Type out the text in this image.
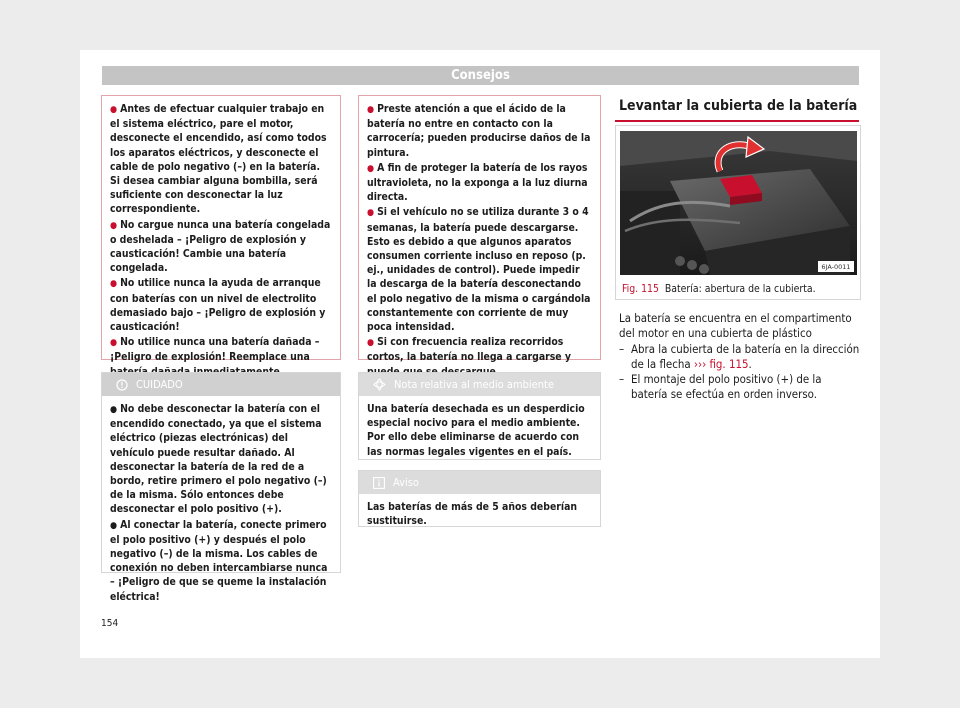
Consejos

● Antes de efectuar cualquier trabajo en el sistema eléctrico, pare el motor, desconecte el encendido, así como todos los aparatos eléctricos, y desconecte el cable de polo negativo (–) en la batería. Si desea cambiar alguna bombilla, será suficiente con desconectar la luz correspondiente.

● No cargue nunca una batería congelada o deshelada – ¡Peligro de explosión y causticación! Cambie una batería congelada.

● No utilice nunca la ayuda de arranque con baterías con un nivel de electrolito demasiado bajo – ¡Peligro de explosión y causticación!

● No utilice nunca una batería dañada – ¡Peligro de explosión! Reemplace una

CUIDADO

● No debe desconectar la batería con el encendido conectado, ya que el sistema eléctrico (piezas electrónicas) del vehículo puede resultar dañado. Al desconectar la batería de la red de a bordo, retire primero el polo negativo (–) de la misma. Sólo entonces debe desconectar el polo positivo (+).

● Al conectar la batería, conecte primero el polo positivo (+) y después el polo negativo (–) de la misma. Los cables de conexión no deben intercambiarse nunca – ¡Peligro de que se queme la instalación eléctrica!

● Preste atención a que el ácido de la batería no entre en contacto con la carrocería; pueden producirse daños de la pintura.

● A fin de proteger la batería de los rayos ultravioleta, no la exponga a la luz diurna directa.

● Si el vehículo no se utiliza durante 3 o 4 semanas, la batería puede descargarse. Esto es debido a que algunos aparatos consumen corriente incluso en reposo (p. ej., unidades de control). Puede impedir la descarga de la batería desconectando el polo negativo de la misma o cargándola constantemente con corriente de muy poca intensidad.

● Si con frecuencia realiza recorridos cortos, la batería no llega a cargarse y

Nota relativa al medio ambiente
Una batería desechada es un desperdicio especial nocivo para el medio ambiente. Por ello debe eliminarse de acuerdo con las normas legales vigentes en el país.
Aviso
Las baterías de más de 5 años deberían sustituirse.
Levantar la cubierta de la batería
6JA-0011
Fig. 115 Batería: abertura de la cubierta.

La batería se encuentra en el compartimento del motor en una cubierta de plástico

– Abra la cubierta de la batería en la dirección de la flecha ››› fig. 115.
– El montaje del polo positivo (+) de la batería se efectúa en orden inverso.
154
